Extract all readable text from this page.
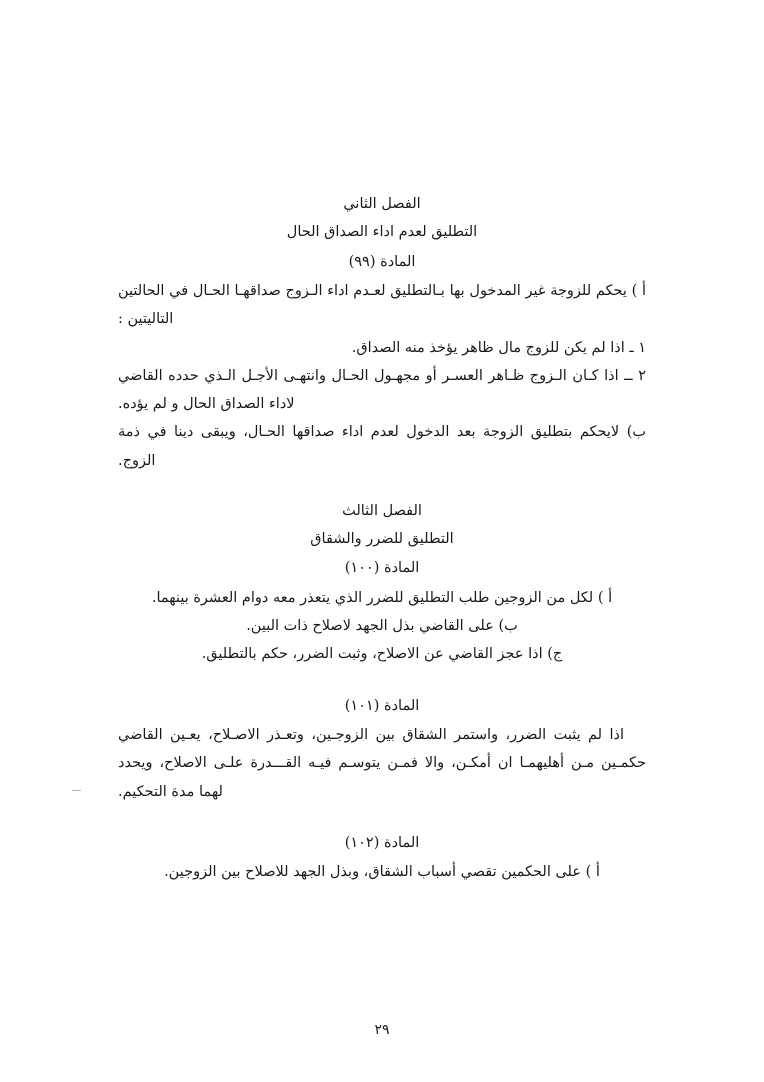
الفصل الثاني

التطليق لعدم اداء الصداق الحال

المادة (٩٩)

أ ) يحكم للزوجة غير المدخول بها بـالتطليق لعـدم اداء الـزوج صداقهـا الحـال في الحالتين التاليتين :

١ ـ اذا لم يكن للزوج مال ظاهر يؤخذ منه الصداق.

٢ ــ اذا كـان الـزوج ظـاهر العسـر أو مجهـول الحـال وانتهـى الأجـل الـذي حدده القاضي لاداء الصداق الحال و لم يؤده.

ب) لايحكم بتطليق الزوجة بعد الدخول لعدم اداء صداقها الحـال، ويبقى دينا في ذمة الزوج.

الفصل الثالث

التطليق للضرر والشقاق

المادة (١٠٠)

أ ) لكل من الزوجين طلب التطليق للضرر الذي يتعذر معه دوام العشرة بينهما.

ب) على القاضي بذل الجهد لاصلاح ذات البين.

ج) اذا عجز القاضي عن الاصلاح، وثبت الضرر، حكم بالتطليق.

المادة (١٠١)

اذا لم يثبت الضرر، واستمر الشقاق بين الزوجـين، وتعـذر الاصـلاح، يعـين القاضي حكمـين مـن أهليهمـا ان أمكـن، والا فمـن يتوسـم فيـه القـــدرة علـى الاصلاح، ويحدد لهما مدة التحكيم.

المادة (١٠٢)

أ ) على الحكمين تقصي أسباب الشقاق، وبذل الجهد للاصلاح بين الزوجين.

٢٩
